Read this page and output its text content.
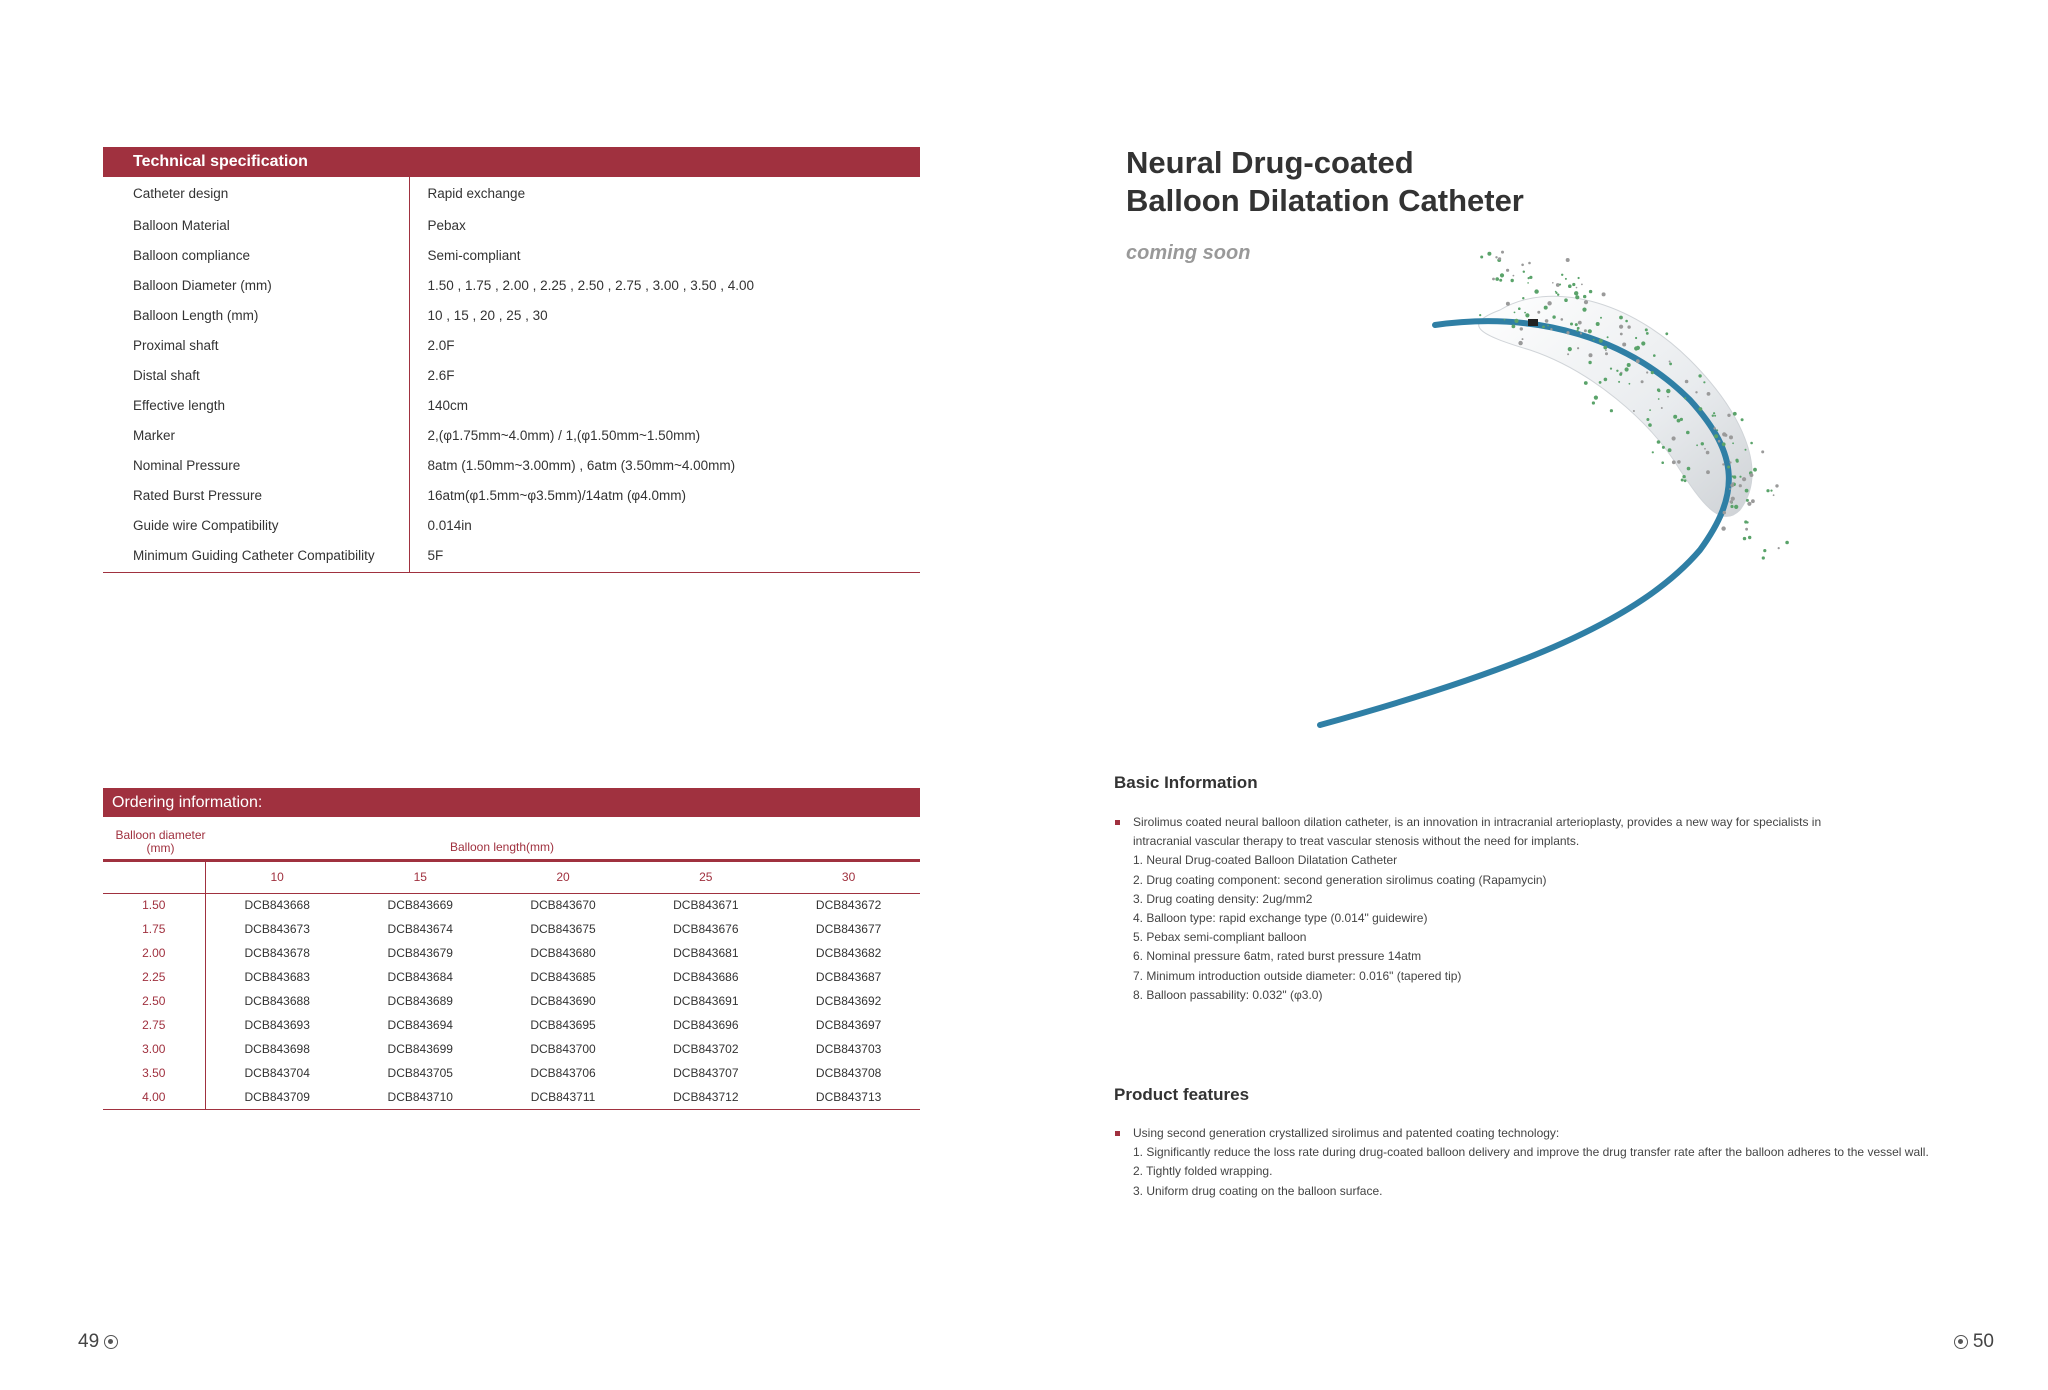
Technical specification
Catheter design	Rapid exchange
Balloon Material	Pebax
Balloon compliance	Semi-compliant
Balloon Diameter (mm)	1.50 , 1.75 , 2.00 , 2.25 , 2.50 , 2.75 , 3.00 , 3.50 , 4.00
Balloon Length (mm)	10 , 15 , 20 , 25 , 30
Proximal shaft	2.0F
Distal shaft	2.6F
Effective length	140cm
Marker	2,(φ1.75mm~4.0mm) / 1,(φ1.50mm~1.50mm)
Nominal Pressure	8atm (1.50mm~3.00mm) , 6atm (3.50mm~4.00mm)
Rated Burst Pressure	16atm(φ1.5mm~φ3.5mm)/14atm (φ4.0mm)
Guide wire Compatibility	0.014in
Minimum Guiding Catheter Compatibility	5F
Ordering information:
Balloon diameter
(mm)	Balloon length(mm)
	10	15	20	25	30
1.50	DCB843668	DCB843669	DCB843670	DCB843671	DCB843672
1.75	DCB843673	DCB843674	DCB843675	DCB843676	DCB843677
2.00	DCB843678	DCB843679	DCB843680	DCB843681	DCB843682
2.25	DCB843683	DCB843684	DCB843685	DCB843686	DCB843687
2.50	DCB843688	DCB843689	DCB843690	DCB843691	DCB843692
2.75	DCB843693	DCB843694	DCB843695	DCB843696	DCB843697
3.00	DCB843698	DCB843699	DCB843700	DCB843702	DCB843703
3.50	DCB843704	DCB843705	DCB843706	DCB843707	DCB843708
4.00	DCB843709	DCB843710	DCB843711	DCB843712	DCB843713
Neural Drug-coated
Balloon Dilatation Catheter
coming soon
Basic Information
Sirolimus coated neural balloon dilation catheter, is an innovation in intracranial arterioplasty, provides a new way for specialists in
intracranial vascular therapy to treat vascular stenosis without the need for implants.
1. Neural Drug-coated Balloon Dilatation Catheter
2. Drug coating component: second generation sirolimus coating (Rapamycin)
3. Drug coating density: 2ug/mm2
4. Balloon type: rapid exchange type (0.014" guidewire)
5. Pebax semi-compliant balloon
6. Nominal pressure 6atm, rated burst pressure 14atm
7. Minimum introduction outside diameter: 0.016" (tapered tip)
8. Balloon passability: 0.032" (φ3.0)
Product features
Using second generation crystallized sirolimus and patented coating technology:
1. Significantly reduce the loss rate during drug-coated balloon delivery and improve the drug transfer rate after the balloon adheres to the vessel wall.
2. Tightly folded wrapping.
3. Uniform drug coating on the balloon surface.
49	50
